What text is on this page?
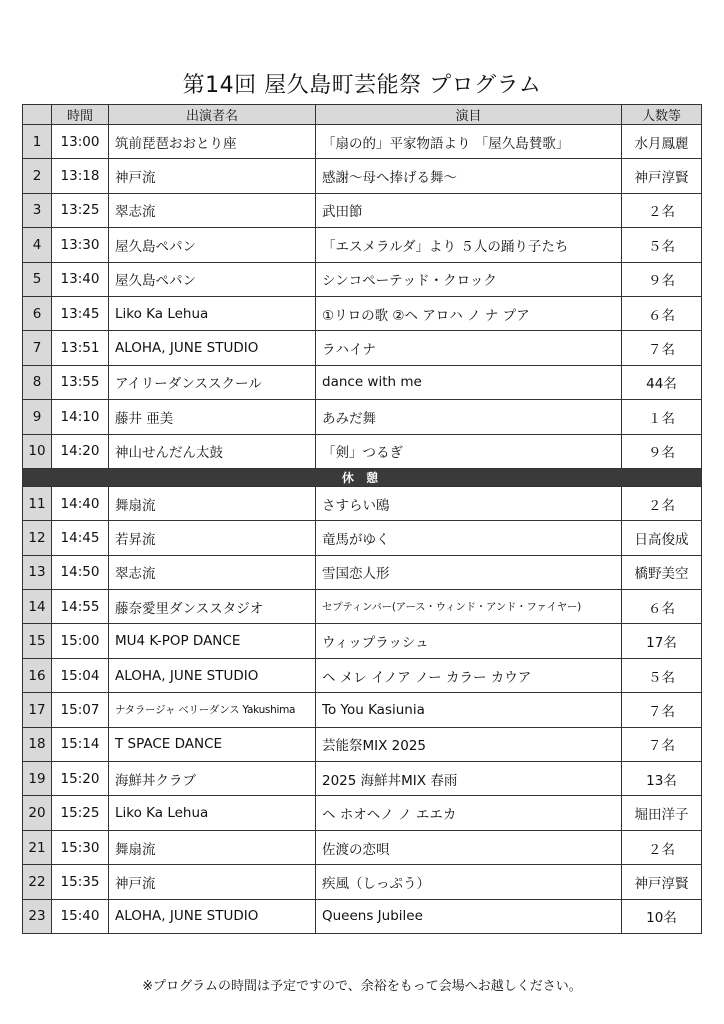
第14回 屋久島町芸能祭 プログラム
	時間	出演者名	演目	人数等
1	13:00	筑前琵琶おおとり座	「扇の的」平家物語より 「屋久島賛歌」	水月鳳麗
2	13:18	神戸流	感謝～母へ捧げる舞～	神戸淳賢
3	13:25	翠志流	武田節	２名
4	13:30	屋久島ペパン	「エスメラルダ」より ５人の踊り子たち	５名
5	13:40	屋久島ペパン	シンコペーテッド・クロック	９名
6	13:45	Liko Ka Lehua	①リロの歌 ②ヘ アロハ ノ ナ プア	６名
7	13:51	ALOHA, JUNE STUDIO	ラハイナ	７名
8	13:55	アイリーダンススクール	dance with me	44名
9	14:10	藤井 亜美	あみだ舞	１名
10	14:20	神山せんだん太鼓	「剣」つるぎ	９名
休 憩				
11	14:40	舞扇流	さすらい鴎	２名
12	14:45	若昇流	竜馬がゆく	日高俊成
13	14:50	翠志流	雪国恋人形	橋野美空
14	14:55	藤奈愛里ダンススタジオ	セプティンバー(アース・ウィンド・アンド・ファイヤー)	６名
15	15:00	MU4 K-POP DANCE	ウィップラッシュ	17名
16	15:04	ALOHA, JUNE STUDIO	ヘ メレ イノア ノー カラー カウア	５名
17	15:07	ナタラージャ ベリーダンス Yakushima	To You Kasiunia	７名
18	15:14	T SPACE DANCE	芸能祭MIX 2025	７名
19	15:20	海鮮丼クラブ	2025 海鮮丼MIX 春雨	13名
20	15:25	Liko Ka Lehua	ヘ ホオヘノ ノ エエカ	堀田洋子
21	15:30	舞扇流	佐渡の恋唄	２名
22	15:35	神戸流	疾風（しっぷう）	神戸淳賢
23	15:40	ALOHA, JUNE STUDIO	Queens Jubilee	10名
※プログラムの時間は予定ですので、余裕をもって会場へお越しください。
